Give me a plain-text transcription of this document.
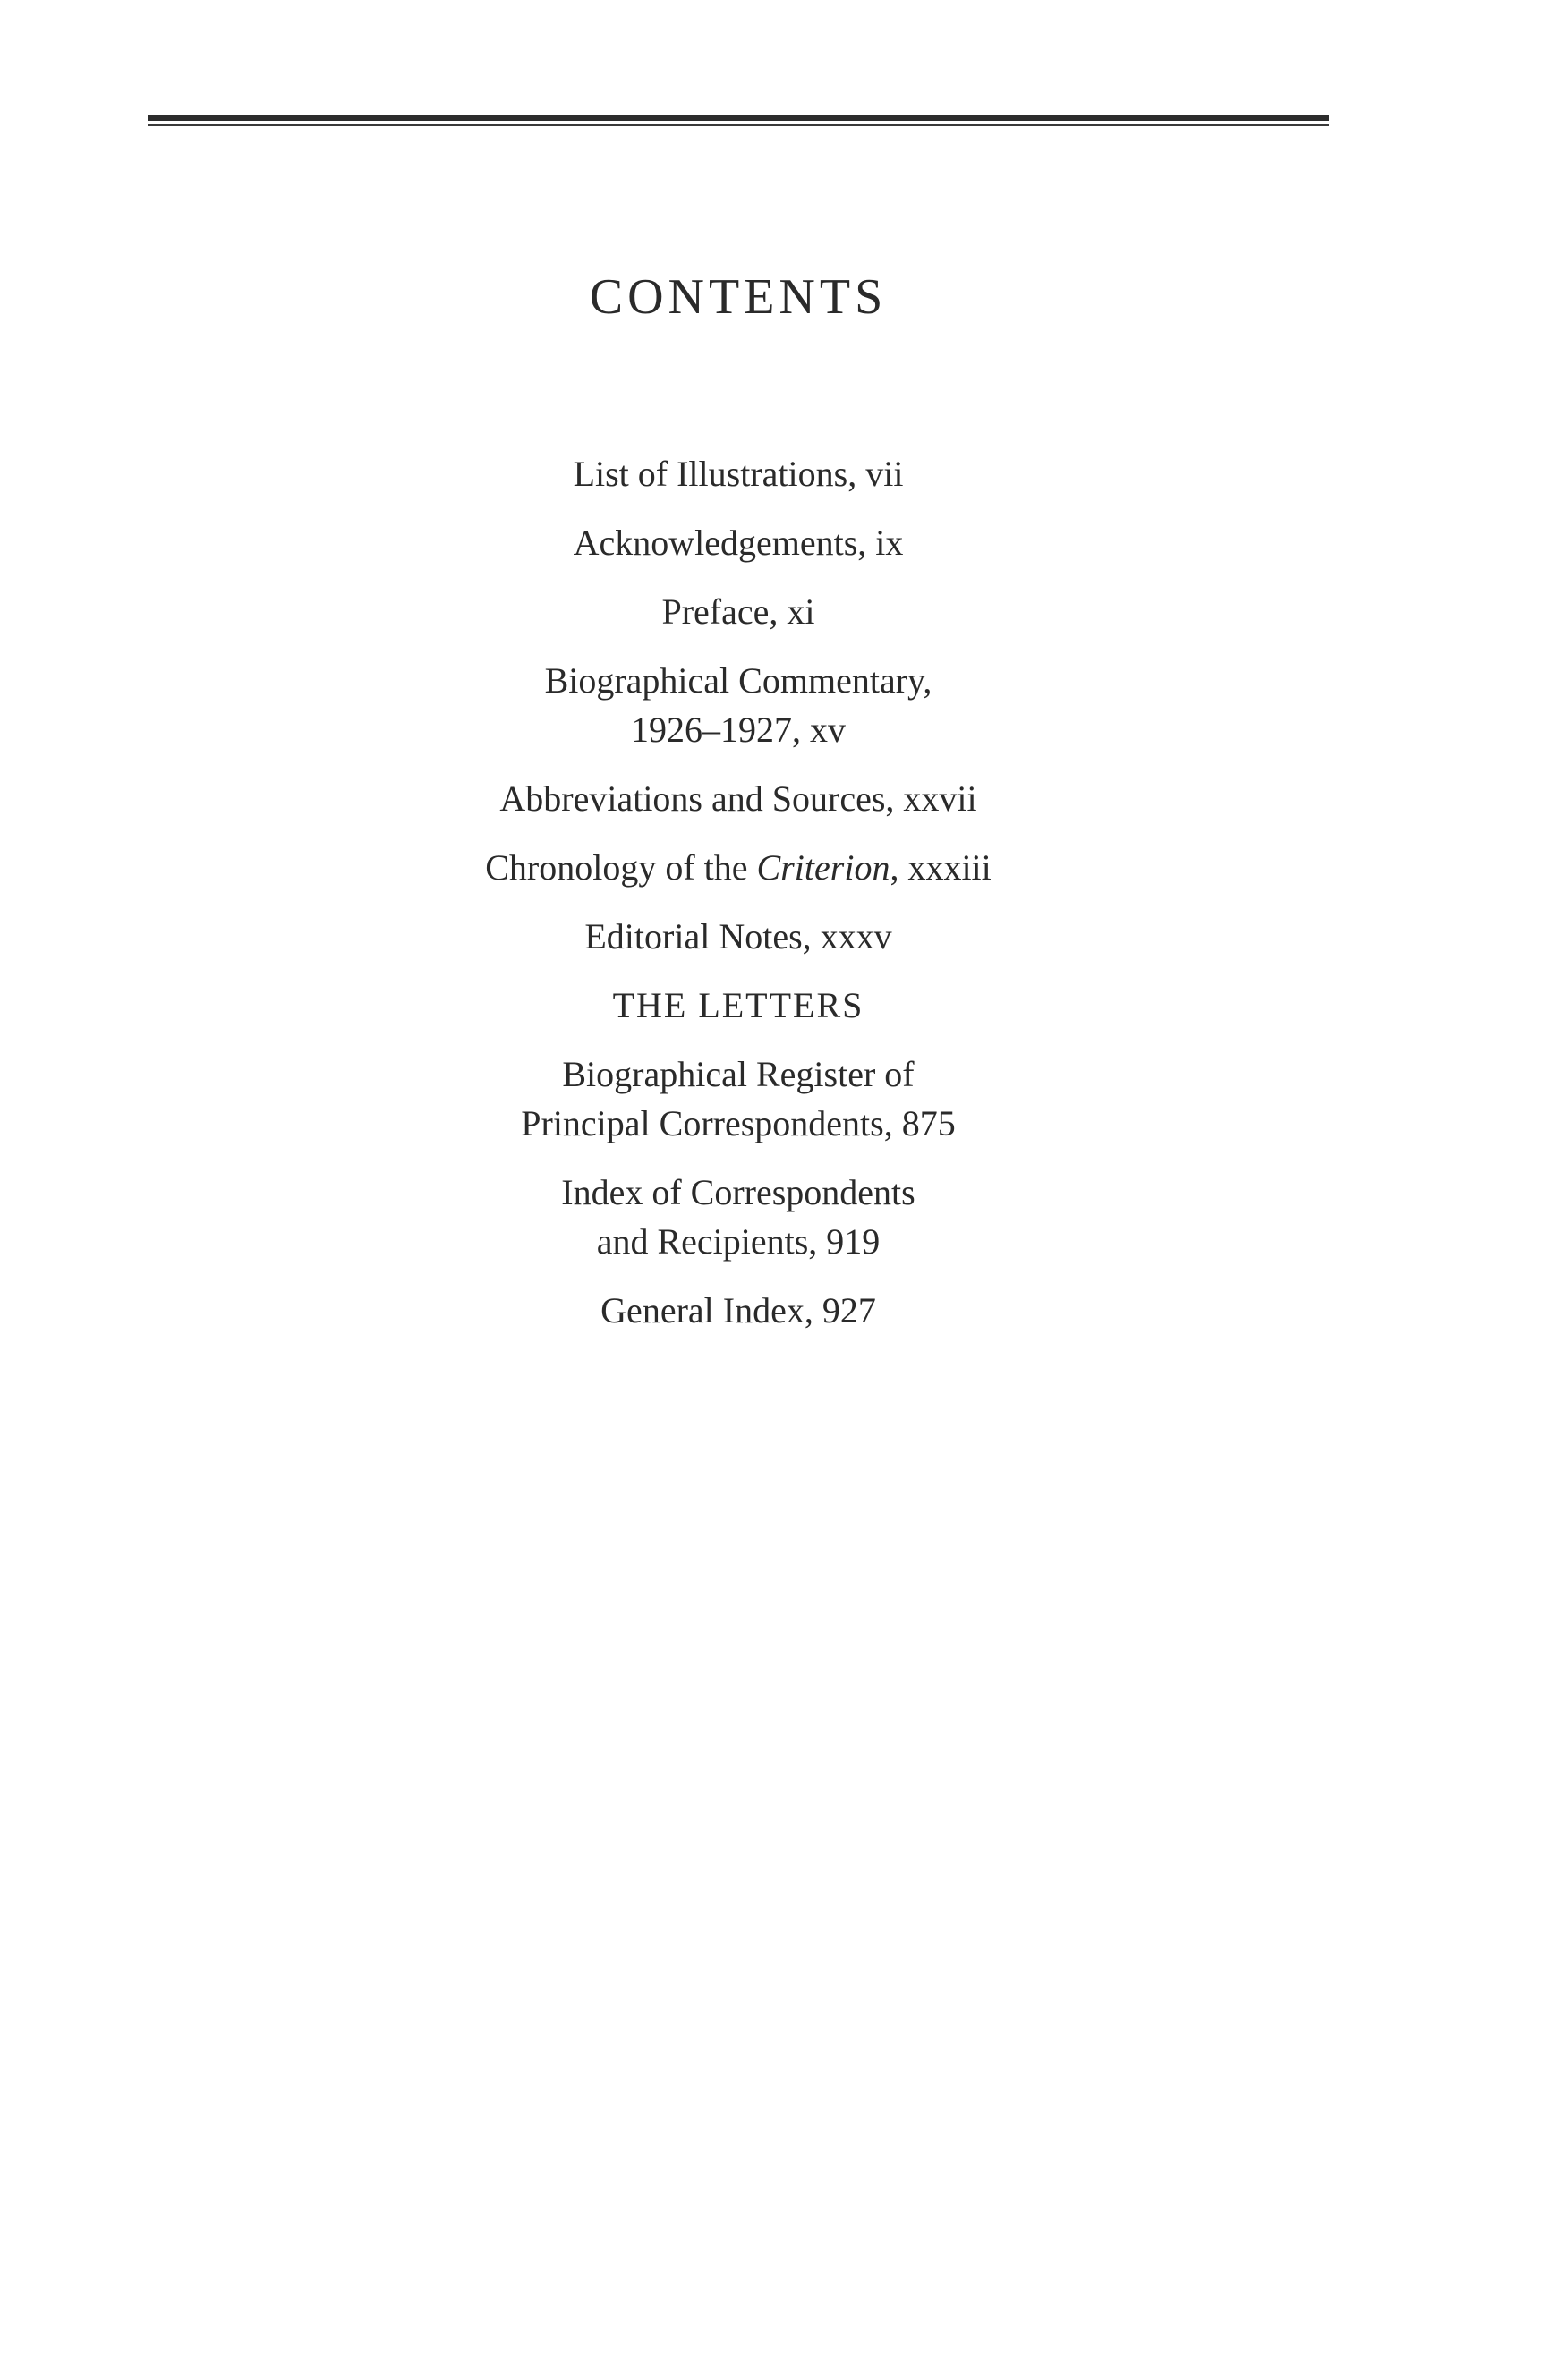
CONTENTS
List of Illustrations, vii
Acknowledgements, ix
Preface, xi
Biographical Commentary,
1926–1927, xv
Abbreviations and Sources, xxvii
Chronology of the Criterion, xxxiii
Editorial Notes, xxxv
THE LETTERS
Biographical Register of
Principal Correspondents, 875
Index of Correspondents
and Recipients, 919
General Index, 927
